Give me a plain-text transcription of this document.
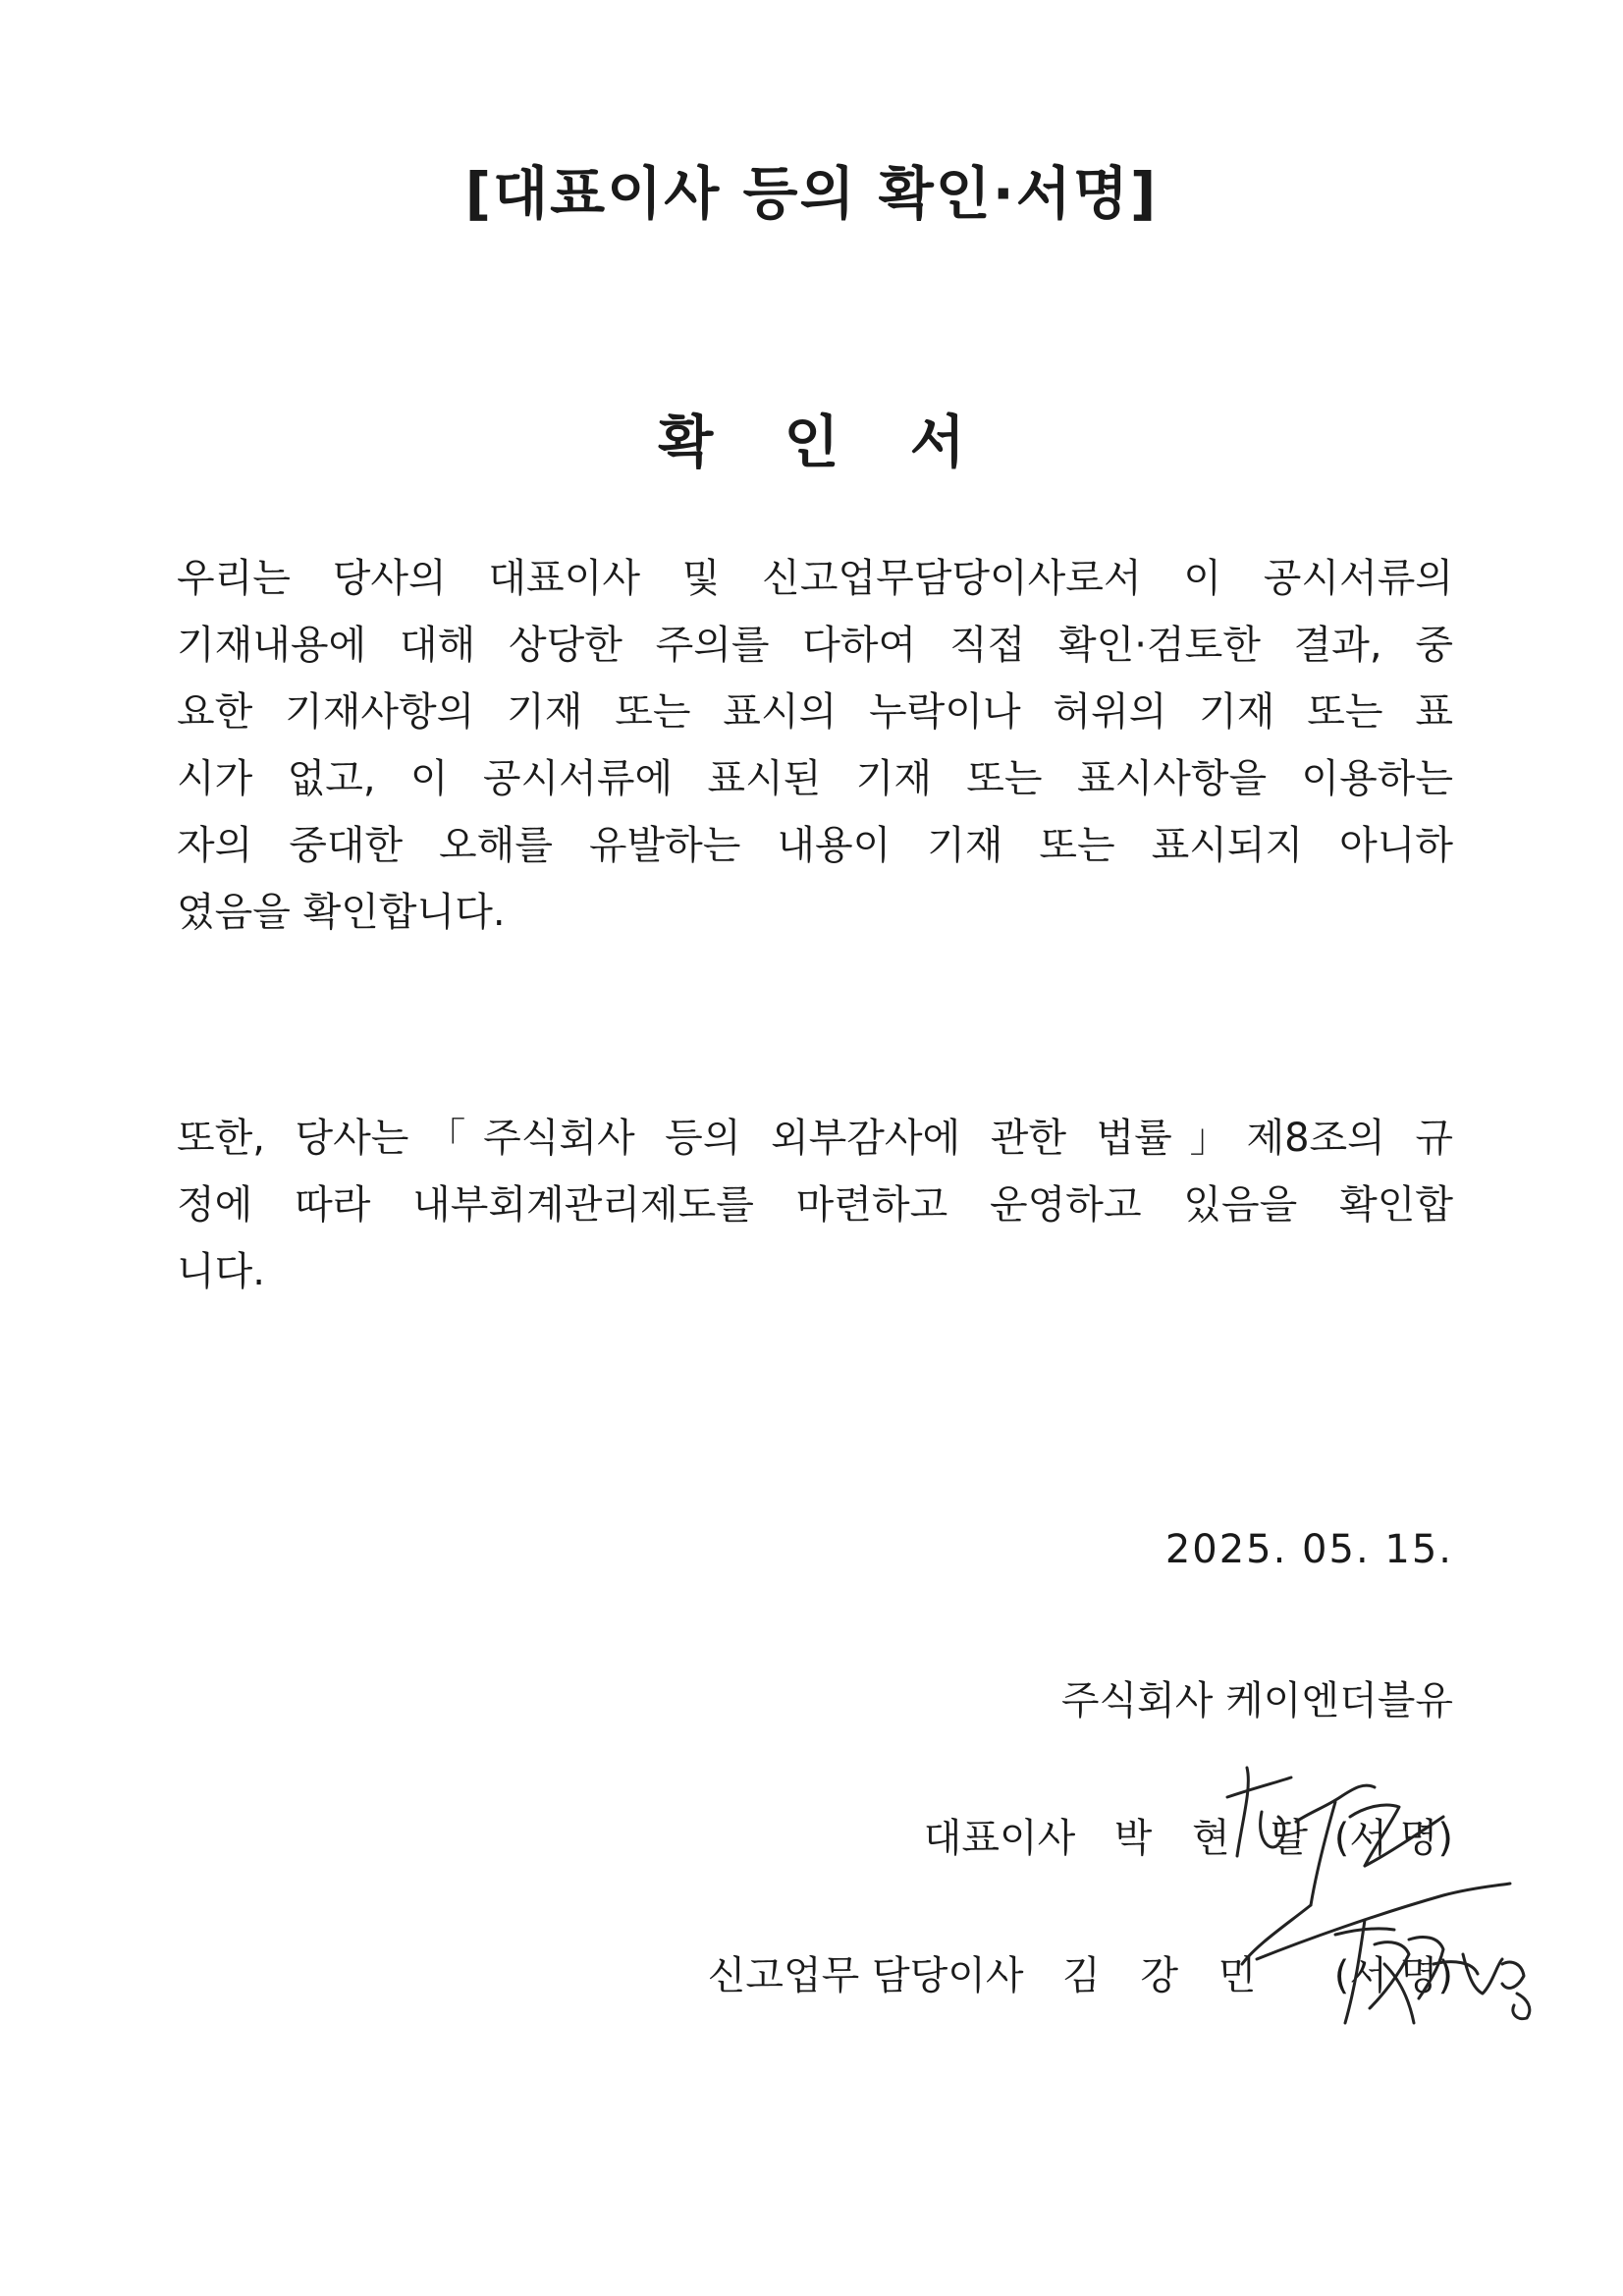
[대표이사 등의 확인·서명]
확 인 서

우리는 당사의 대표이사 및 신고업무담당이사로서 이 공시서류의
기재내용에 대해 상당한 주의를 다하여 직접 확인·검토한 결과, 중
요한 기재사항의 기재 또는 표시의 누락이나 허위의 기재 또는 표
시가 없고, 이 공시서류에 표시된 기재 또는 표시사항을 이용하는
자의 중대한 오해를 유발하는 내용이 기재 또는 표시되지 아니하
였음을 확인합니다.

또한, 당사는「주식회사 등의 외부감사에 관한 법률」제8조의 규
정에 따라 내부회계관리제도를 마련하고 운영하고 있음을 확인합
니다.

2025. 05. 15.
주식회사 케이엔더블유
대표이사 박 현 달 (서 명)
신고업무 담당이사 김 강 민 (서 명)
